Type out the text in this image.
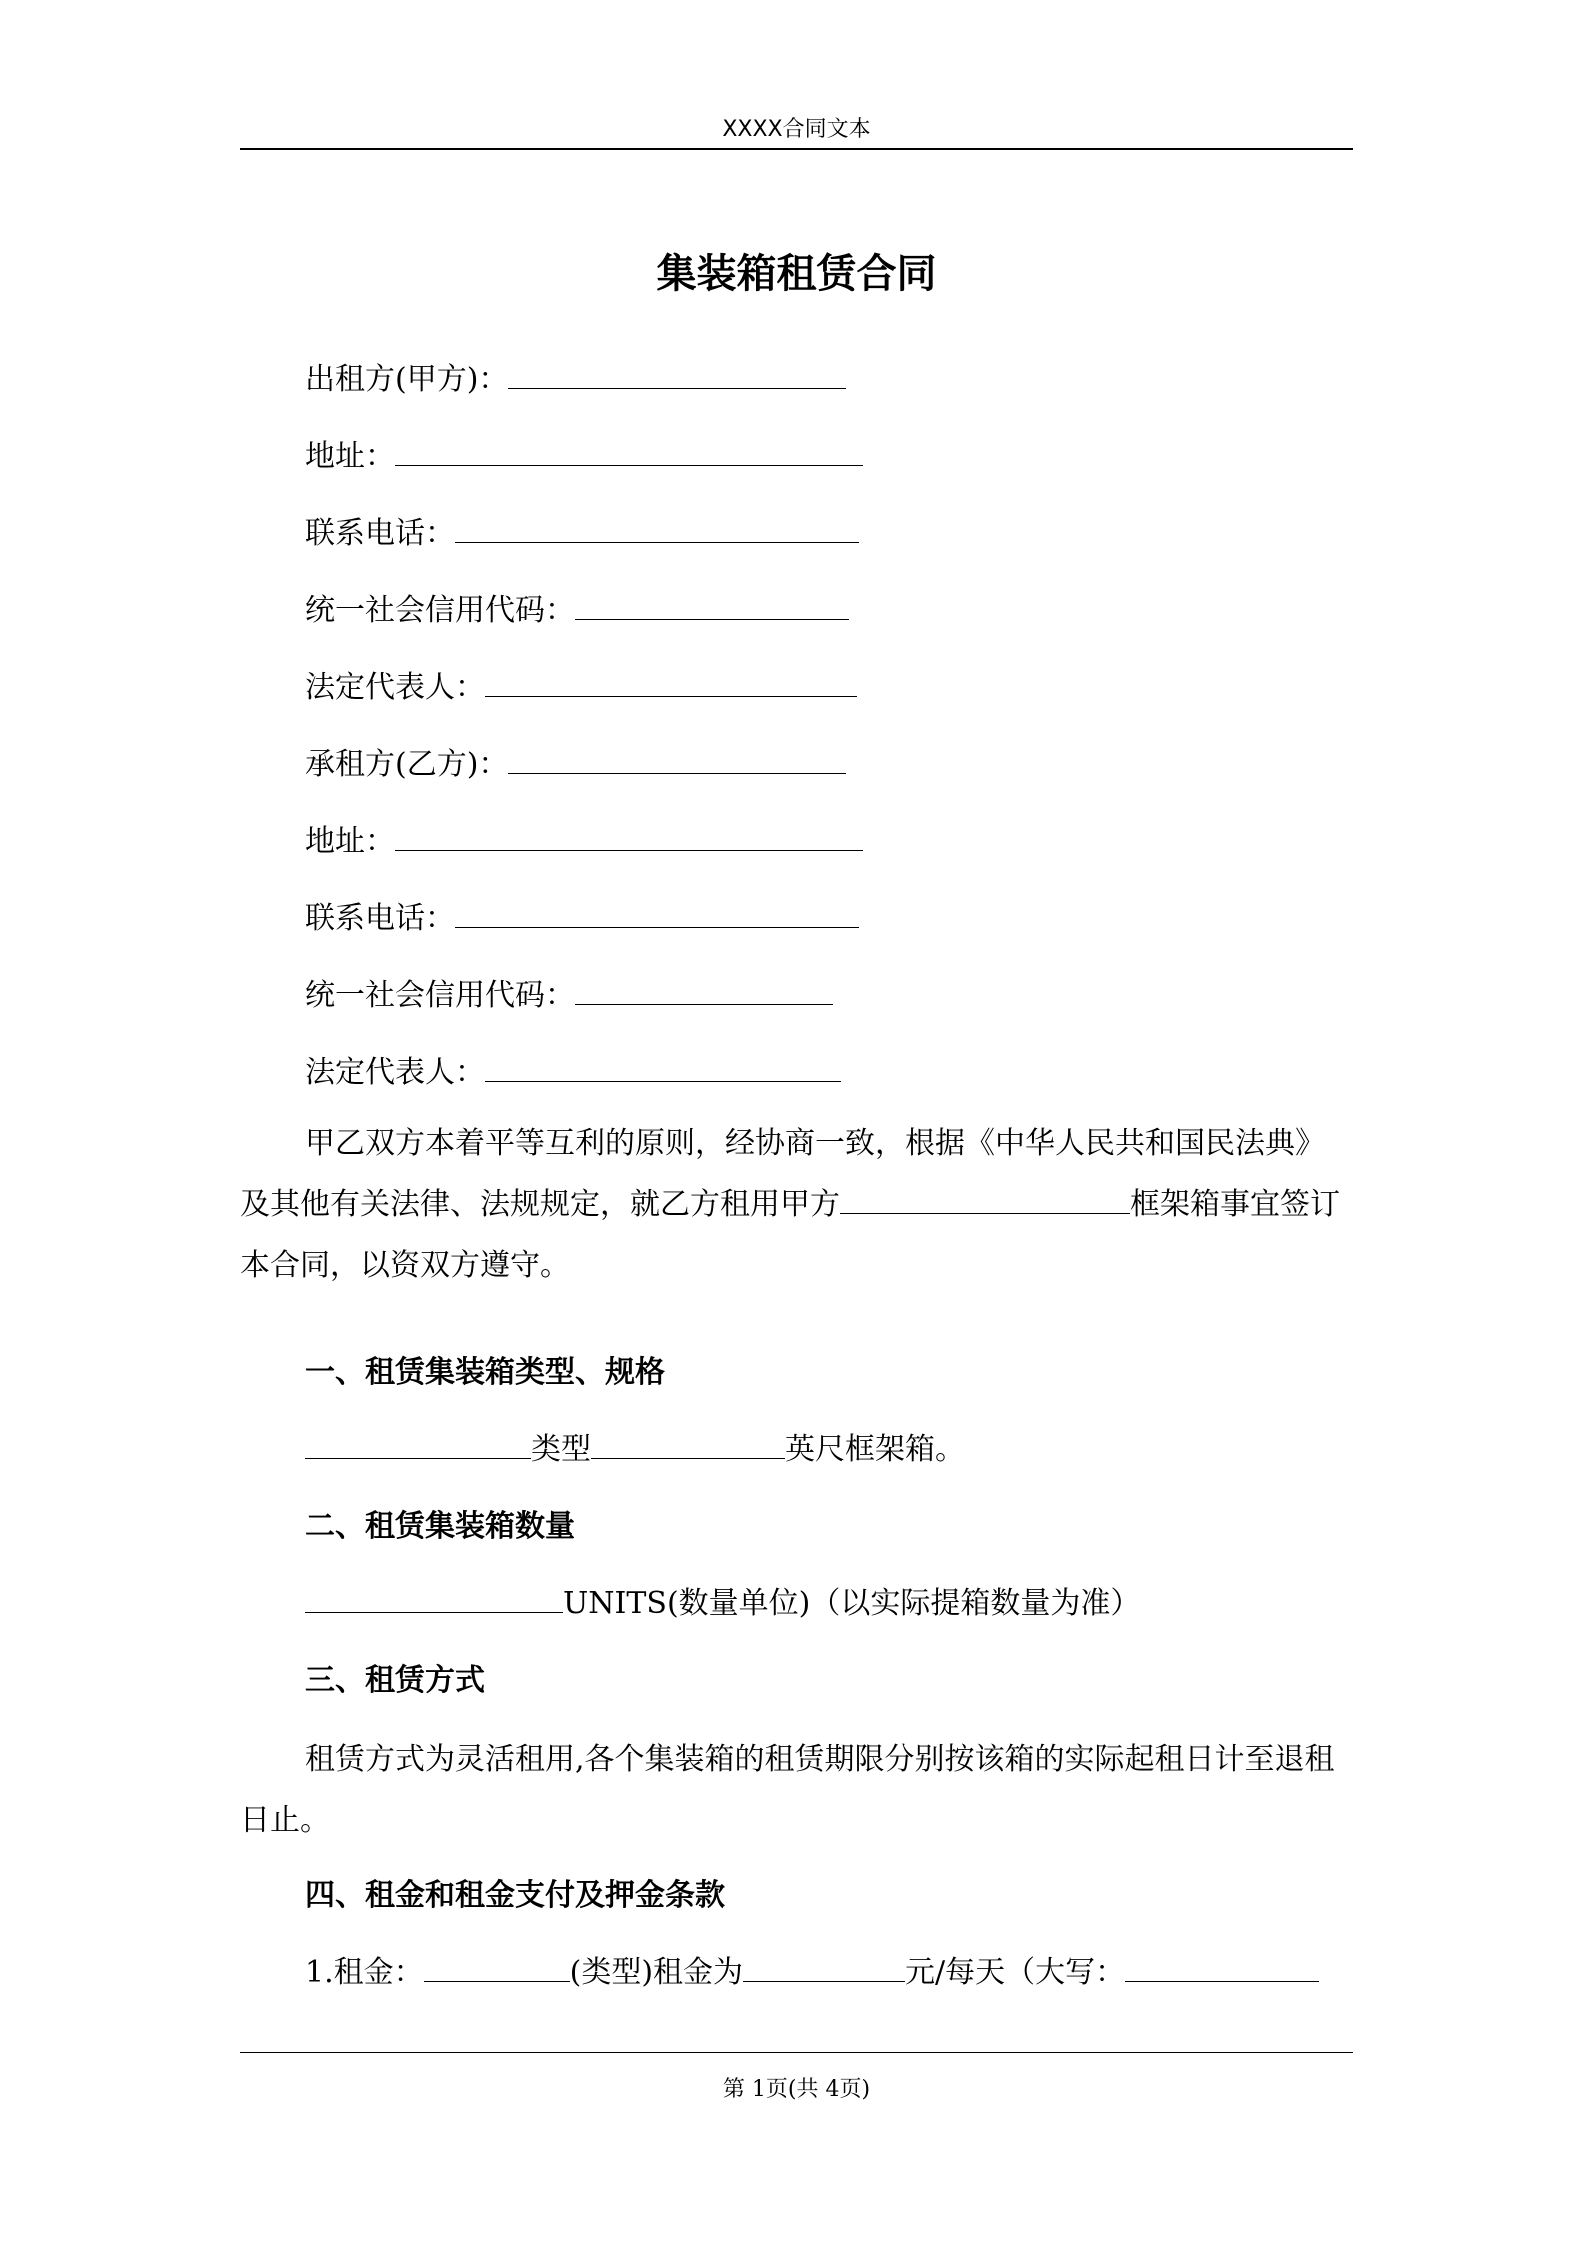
XXXX合同文本
集装箱租赁合同
出租方(甲方)：
地址：
联系电话：
统一社会信用代码：
法定代表人：
承租方(乙方)：
地址：
联系电话：
统一社会信用代码：
法定代表人：
甲乙双方本着平等互利的原则，经协商一致，根据《中华人民共和国民法典》及其他有关法律、法规规定，就乙方租用甲方	框架箱事宜签订本合同，以资双方遵守。
一、租赁集装箱类型、规格
类型	英尺框架箱。
二、租赁集装箱数量
UNITS(数量单位)（以实际提箱数量为准）
三、租赁方式
租赁方式为灵活租用,各个集装箱的租赁期限分别按该箱的实际起租日计至退租日止。
四、租金和租金支付及押金条款
1.租金：	(类型)租金为	元/每天（大写：
第 1页(共 4页)
